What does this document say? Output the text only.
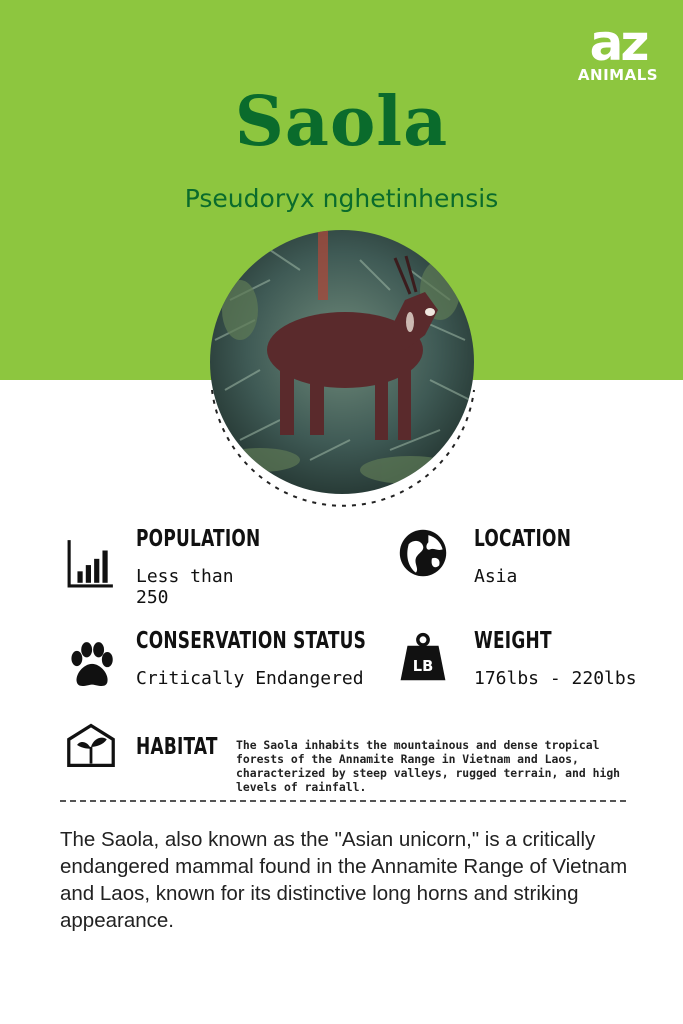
az
ANIMALS
Saola
Pseudoryx nghetinhensis
POPULATION
Less than
250
LOCATION
Asia
CONSERVATION STATUS
Critically Endangered
LB
WEIGHT
176lbs - 220lbs
HABITAT The Saola inhabits the mountainous and dense tropical forests of the Annamite Range in Vietnam and Laos, characterized by steep valleys, rugged terrain, and high levels of rainfall.
The Saola, also known as the "Asian unicorn," is a critically endangered mammal found in the Annamite Range of Vietnam and Laos, known for its distinctive long horns and striking appearance.
